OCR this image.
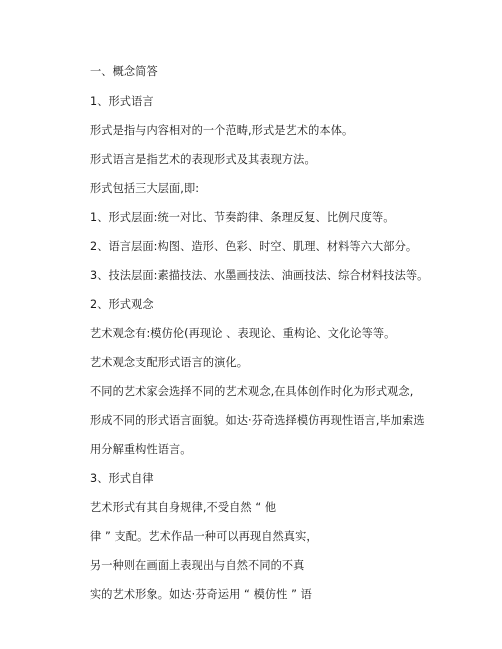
一、概念简答
1、形式语言
形式是指与内容相对的一个范畴,形式是艺术的本体。
形式语言是指艺术的表现形式及其表现方法。
形式包括三大层面,即:
1、形式层面:统一对比、节奏韵律、条理反复、比例尺度等。
2、语言层面:构图、造形、色彩、时空、肌理、材料等六大部分。
3、技法层面:素描技法、水墨画技法、油画技法、综合材料技法等。
2、形式观念
艺术观念有:模仿伦(再现论 、表现论、重构论、文化论等等。
艺术观念支配形式语言的演化。
不同的艺术家会选择不同的艺术观念,在具体创作时化为形式观念,
形成不同的形式语言面貌。如达·芬奇选择模仿再现性语言,毕加索选
用分解重构性语言。
3、形式自律
艺术形式有其自身规律,不受自然 “ 他
律 ” 支配。艺术作品一种可以再现自然真实，
另一种则在画面上表现出与自然不同的不真
实的艺术形象。如达·芬奇运用 “ 模仿性 ” 语
